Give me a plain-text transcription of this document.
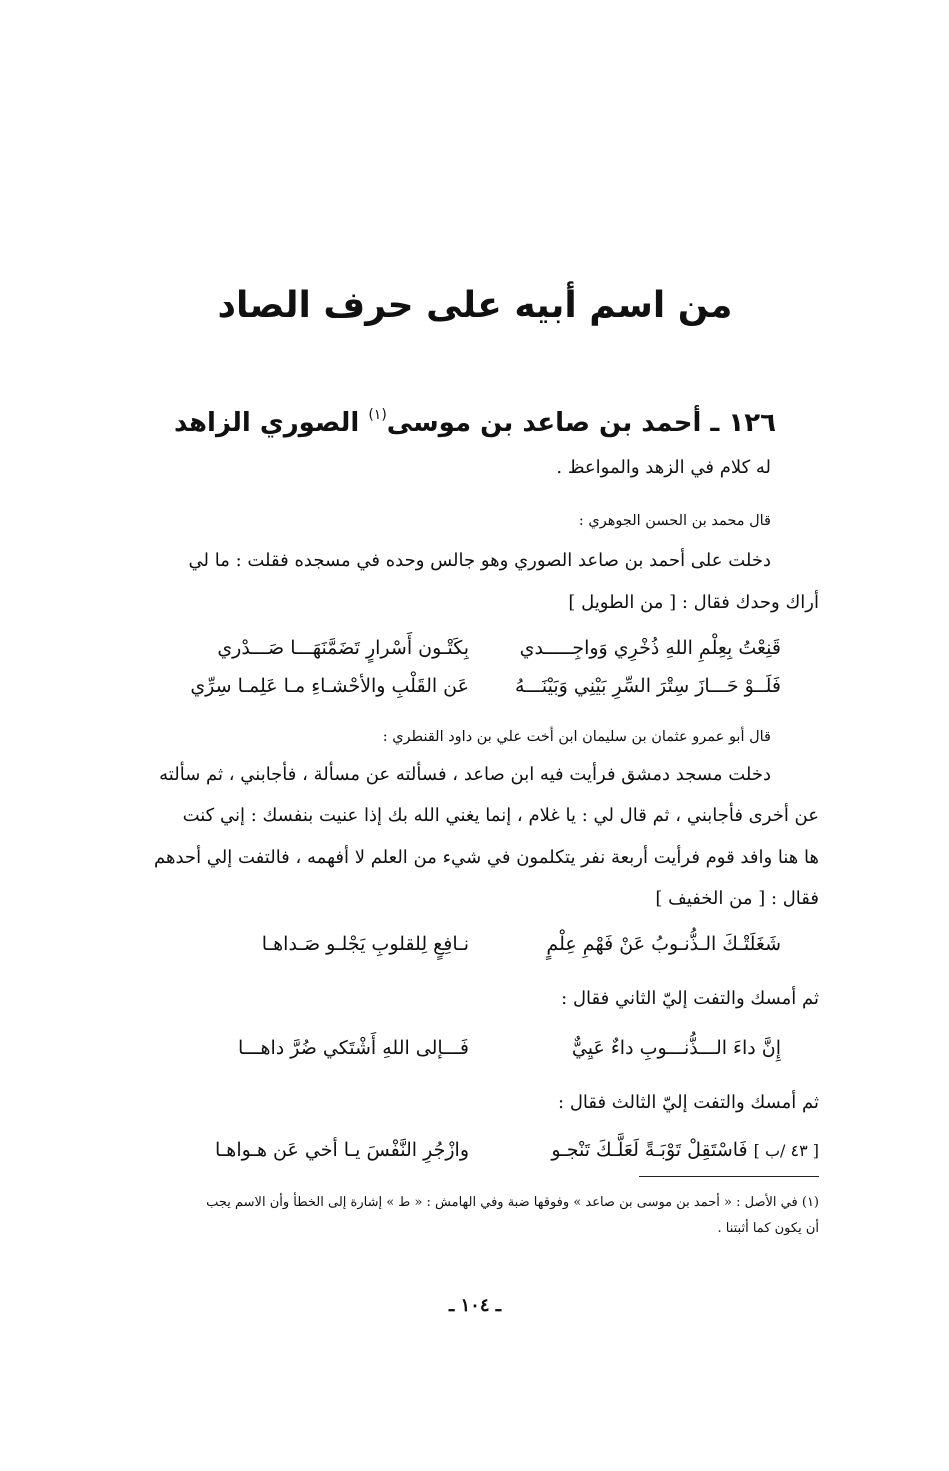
من اسم أبيه على حرف الصاد
١٢٦ ـ أحمد بن صاعد بن موسى$^{(١)}$ الصوري الزاهد
له كلام في الزهد والمواعظ .
قال محمد بن الحسن الجوهري :
دخلت على أحمد بن صاعد الصوري وهو جالس وحده في مسجده فقلت : ما لي
أراك وحدك فقال : [ من الطويل ]
قَنِعْتُ بِعِلْمِ اللهِ ذُخْرِي وَواجِـــــدي
بِكَتْـون أَسْرارٍ تَضَمَّنَهَـــا صَـــدْري
فَلَــوْ حَـــازَ سِتْرَ السِّرِ بَيْنِي وَبَيْنَـــهُ
عَن القَلْبِ والأحْشـاءِ مـا عَلِمـا سِرِّي
قال أبو عمرو عثمان بن سليمان ابن أخت علي بن داود القنطري :
دخلت مسجد دمشق فرأيت فيه ابن صاعد ، فسألته عن مسألة ، فأجابني ، ثم سألته
عن أخرى فأجابني ، ثم قال لي : يا غلام ، إنما يغني الله بك إذا عنيت بنفسك : إني كنت
ها هنا وافد قوم فرأيت أربعة نفر يتكلمون في شيء من العلم لا أفهمه ، فالتفت إلي أحدهم
فقال : [ من الخفيف ]
شَغَلَتْـكَ الـذُّنـوبُ عَنْ فَهْمِ عِلْمٍ
نـافِعٍ لِلقلوبِ يَجْلـو صَـداهـا
ثم أمسك والتفت إليّ الثاني فقال :
إِنَّ داءَ الـــذُّنـــوبِ داءٌ عَيِيٌّ
فَـــإلى اللهِ أَشْتَكي ضُرَّ داهـــا
ثم أمسك والتفت إليّ الثالث فقال :
[ ٤٣ /ب ]فَاسْتَقِلْ تَوْبَـةً لَعَلَّـكَ تَنْجـو
وازْجُرِ النَّفْسَ يـا أخي عَن هـواهـا
(١) في الأصل : « أحمد بن موسى بن صاعد » وفوقها ضبة وفي الهامش : « ط » إشارة إلى الخطأ وأن الاسم يجب
أن يكون كما أثبتنا .
ـ ١٠٤ ـ
